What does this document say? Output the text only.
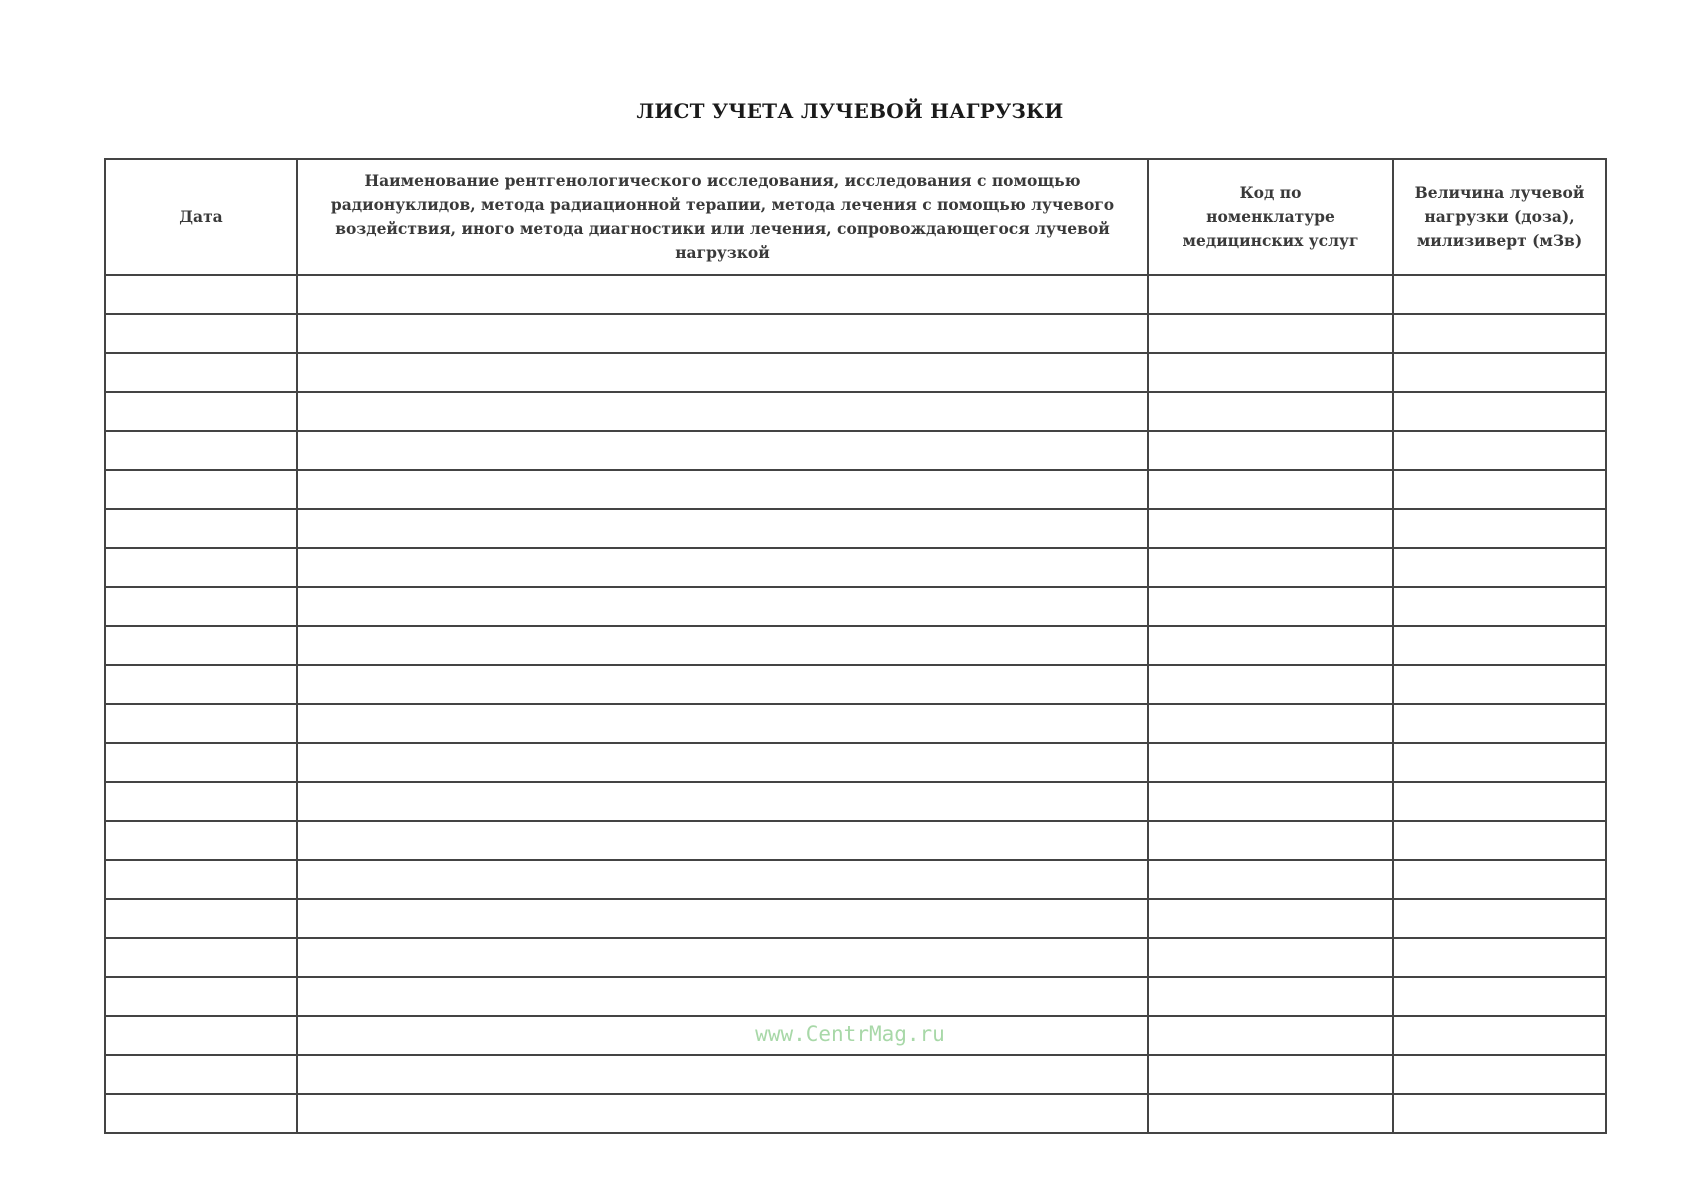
ЛИСТ УЧЕТА ЛУЧЕВОЙ НАГРУЗКИ
Дата	Наименование рентгенологического исследования, исследования с помощью радионуклидов, метода радиационной терапии, метода лечения с помощью лучевого воздействия, иного метода диагностики или лечения, сопровождающегося лучевой нагрузкой	Код по номенклатуре медицинских услуг	Величина лучевой нагрузки (доза), милизиверт (мЗв)

www.CentrMag.ru
